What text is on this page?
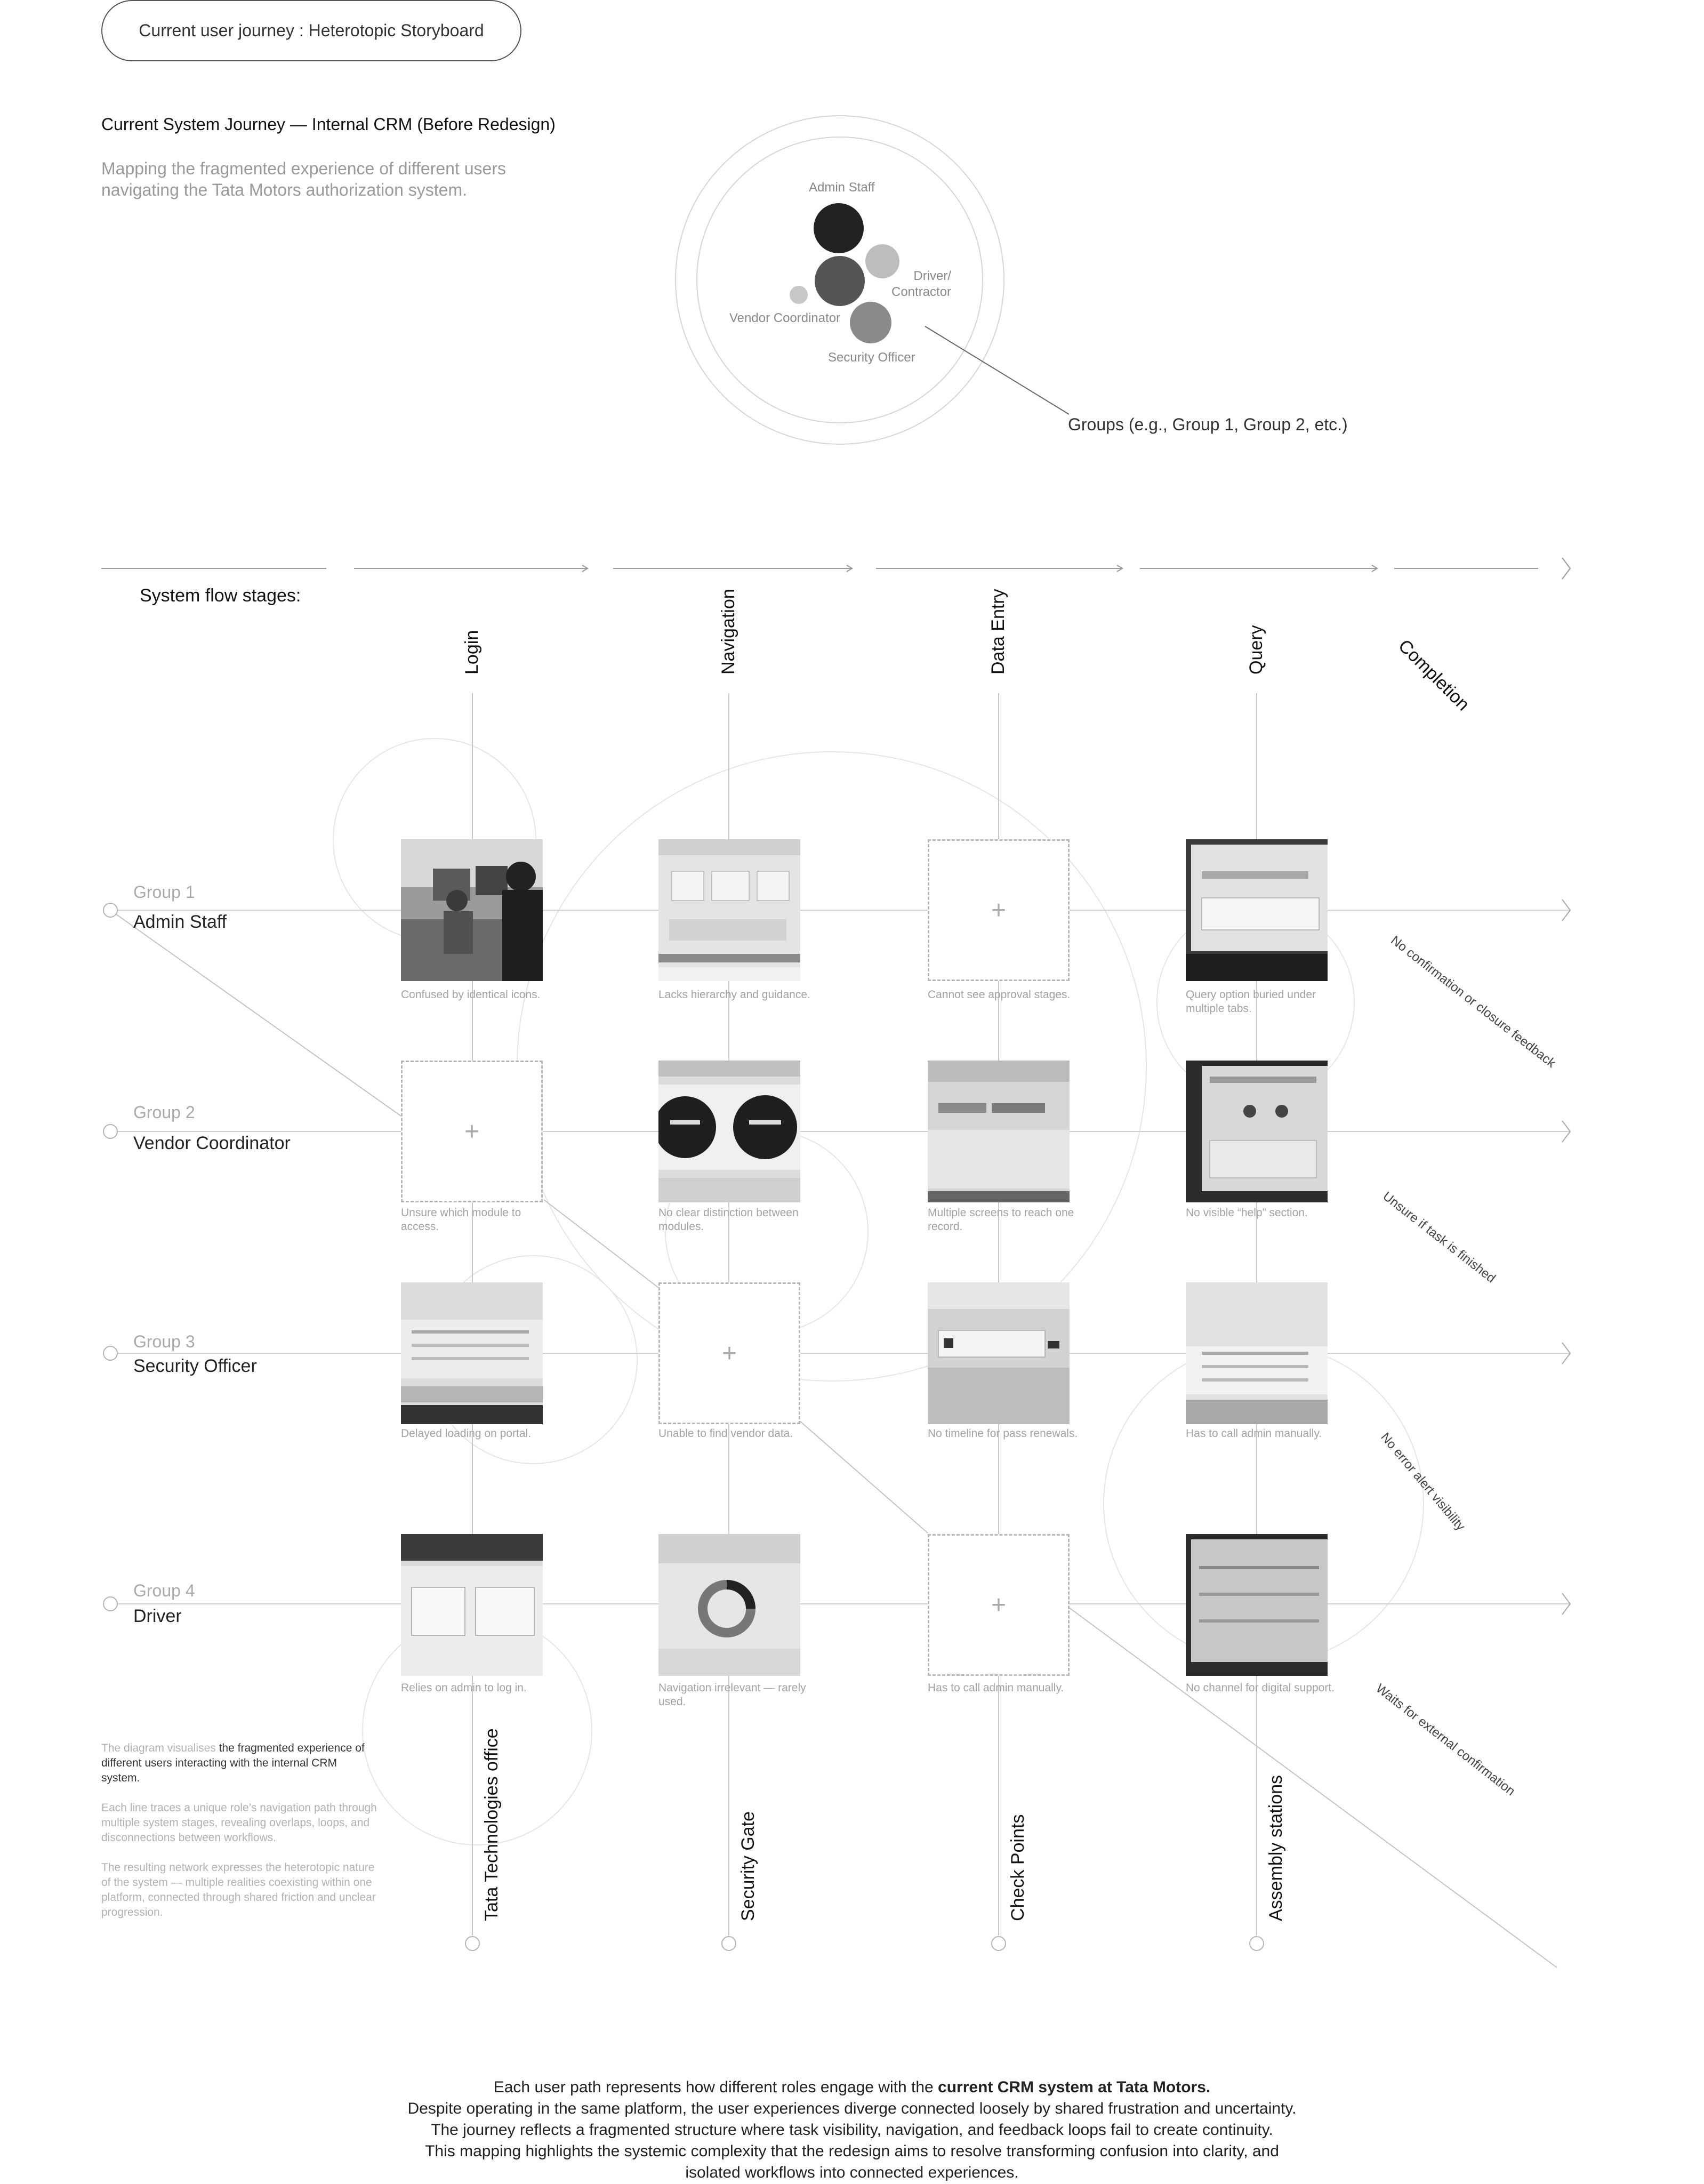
Current user journey : Heterotopic Storyboard
Current System Journey — Internal CRM (Before Redesign)
Mapping the fragmented experience of different users navigating the Tata Motors authorization system.	Admin Staff
Driver/
Contractor
Vendor Coordinator
Security Officer
Groups (e.g., Group 1, Group 2, etc.)
System flow stages:
Login	Navigation	Data Entry	Query	Completion
Group 1
Admin Staff
Group 2
Vendor Coordinator
Group 3
Security Officer
Group 4
Driver
+
Confused by identical icons.	Lacks hierarchy and guidance.	Cannot see approval stages.	Query option buried under multiple tabs.
+
Unsure which module to access.
No clear distinction between modules.
Multiple screens to reach one record.
No visible “help” section.
+
Delayed loading on portal.	Unable to find vendor data.	No timeline for pass renewals.	Has to call admin manually.
+
Relies on admin to log in.	Navigation irrelevant — rarely used.
Has to call admin manually.	No channel for digital support.
No confirmation or closure feedback
Unsure if task is finished
No error alert visibility
Waits for external confirmation
Tata Technologies office	Security Gate	Check Points	Assembly stations

The diagram visualises the fragmented experience of different users interacting with the internal CRM system.

Each line traces a unique role’s navigation path through multiple system stages, revealing overlaps, loops, and disconnections between workflows.

The resulting network expresses the heterotopic nature of the system — multiple realities coexisting within one platform, connected through shared friction and unclear progression.

Each user path represents how different roles engage with the current CRM system at Tata Motors.

Despite operating in the same platform, the user experiences diverge connected loosely by shared frustration and uncertainty.

The journey reflects a fragmented structure where task visibility, navigation, and feedback loops fail to create continuity.

This mapping highlights the systemic complexity that the redesign aims to resolve transforming confusion into clarity, and

isolated workflows into connected experiences.
